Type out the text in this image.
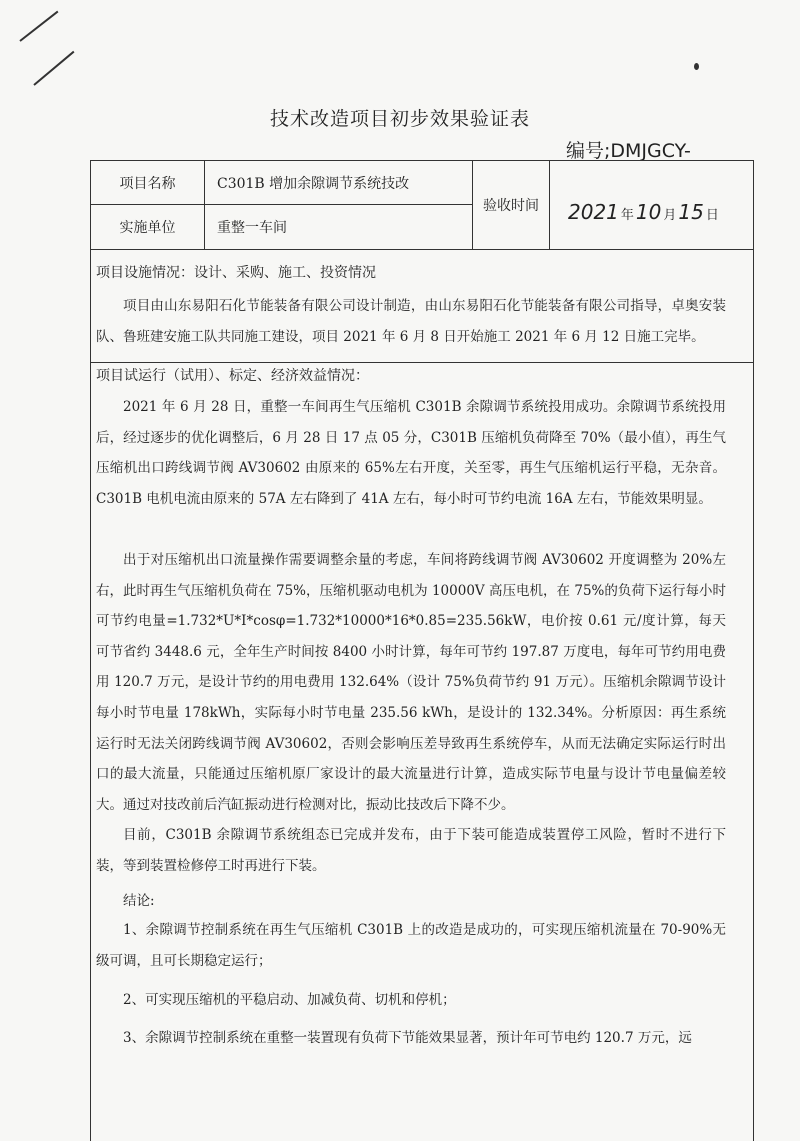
技术改造项目初步效果验证表
编号;DMJGCY-
项目名称	C301B 增加余隙调节系统技改
实施单位	重整一车间
验收时间	2021 年 10 月 15 日
项目设施情况：设计、采购、施工、投资情况
项目由山东易阳石化节能装备有限公司设计制造，由山东易阳石化节能装备有限公司指导，卓奥安装队、鲁班建安施工队共同施工建设，项目 2021 年 6 月 8 日开始施工 2021 年 6 月 12 日施工完毕。
项目试运行（试用）、标定、经济效益情况：
2021 年 6 月 28 日，重整一车间再生气压缩机 C301B 余隙调节系统投用成功。余隙调节系统投用后，经过逐步的优化调整后，6 月 28 日 17 点 05 分，C301B 压缩机负荷降至 70%（最小值），再生气压缩机出口跨线调节阀 AV30602 由原来的 65%左右开度，关至零，再生气压缩机运行平稳，无杂音。C301B 电机电流由原来的 57A 左右降到了 41A 左右，每小时可节约电流 16A 左右，节能效果明显。
出于对压缩机出口流量操作需要调整余量的考虑，车间将跨线调节阀 AV30602 开度调整为 20%左右，此时再生气压缩机负荷在 75%，压缩机驱动电机为 10000V 高压电机，在 75%的负荷下运行每小时可节约电量=1.732*U*I*cosφ=1.732*10000*16*0.85=235.56kW，电价按 0.61 元/度计算，每天可节省约 3448.6 元，全年生产时间按 8400 小时计算，每年可节约 197.87 万度电，每年可节约用电费用 120.7 万元，是设计节约的用电费用 132.64%（设计 75%负荷节约 91 万元）。压缩机余隙调节设计每小时节电量 178kWh，实际每小时节电量 235.56 kWh，是设计的 132.34%。分析原因：再生系统运行时无法关闭跨线调节阀 AV30602，否则会影响压差导致再生系统停车，从而无法确定实际运行时出口的最大流量，只能通过压缩机原厂家设计的最大流量进行计算，造成实际节电量与设计节电量偏差较大。通过对技改前后汽缸振动进行检测对比，振动比技改后下降不少。
目前，C301B 余隙调节系统组态已完成并发布，由于下装可能造成装置停工风险，暂时不进行下装，等到装置检修停工时再进行下装。
结论:
1、余隙调节控制系统在再生气压缩机 C301B 上的改造是成功的，可实现压缩机流量在 70-90%无级可调，且可长期稳定运行；
2、可实现压缩机的平稳启动、加减负荷、切机和停机；
3、余隙调节控制系统在重整一装置现有负荷下节能效果显著，预计年可节电约 120.7 万元，远
